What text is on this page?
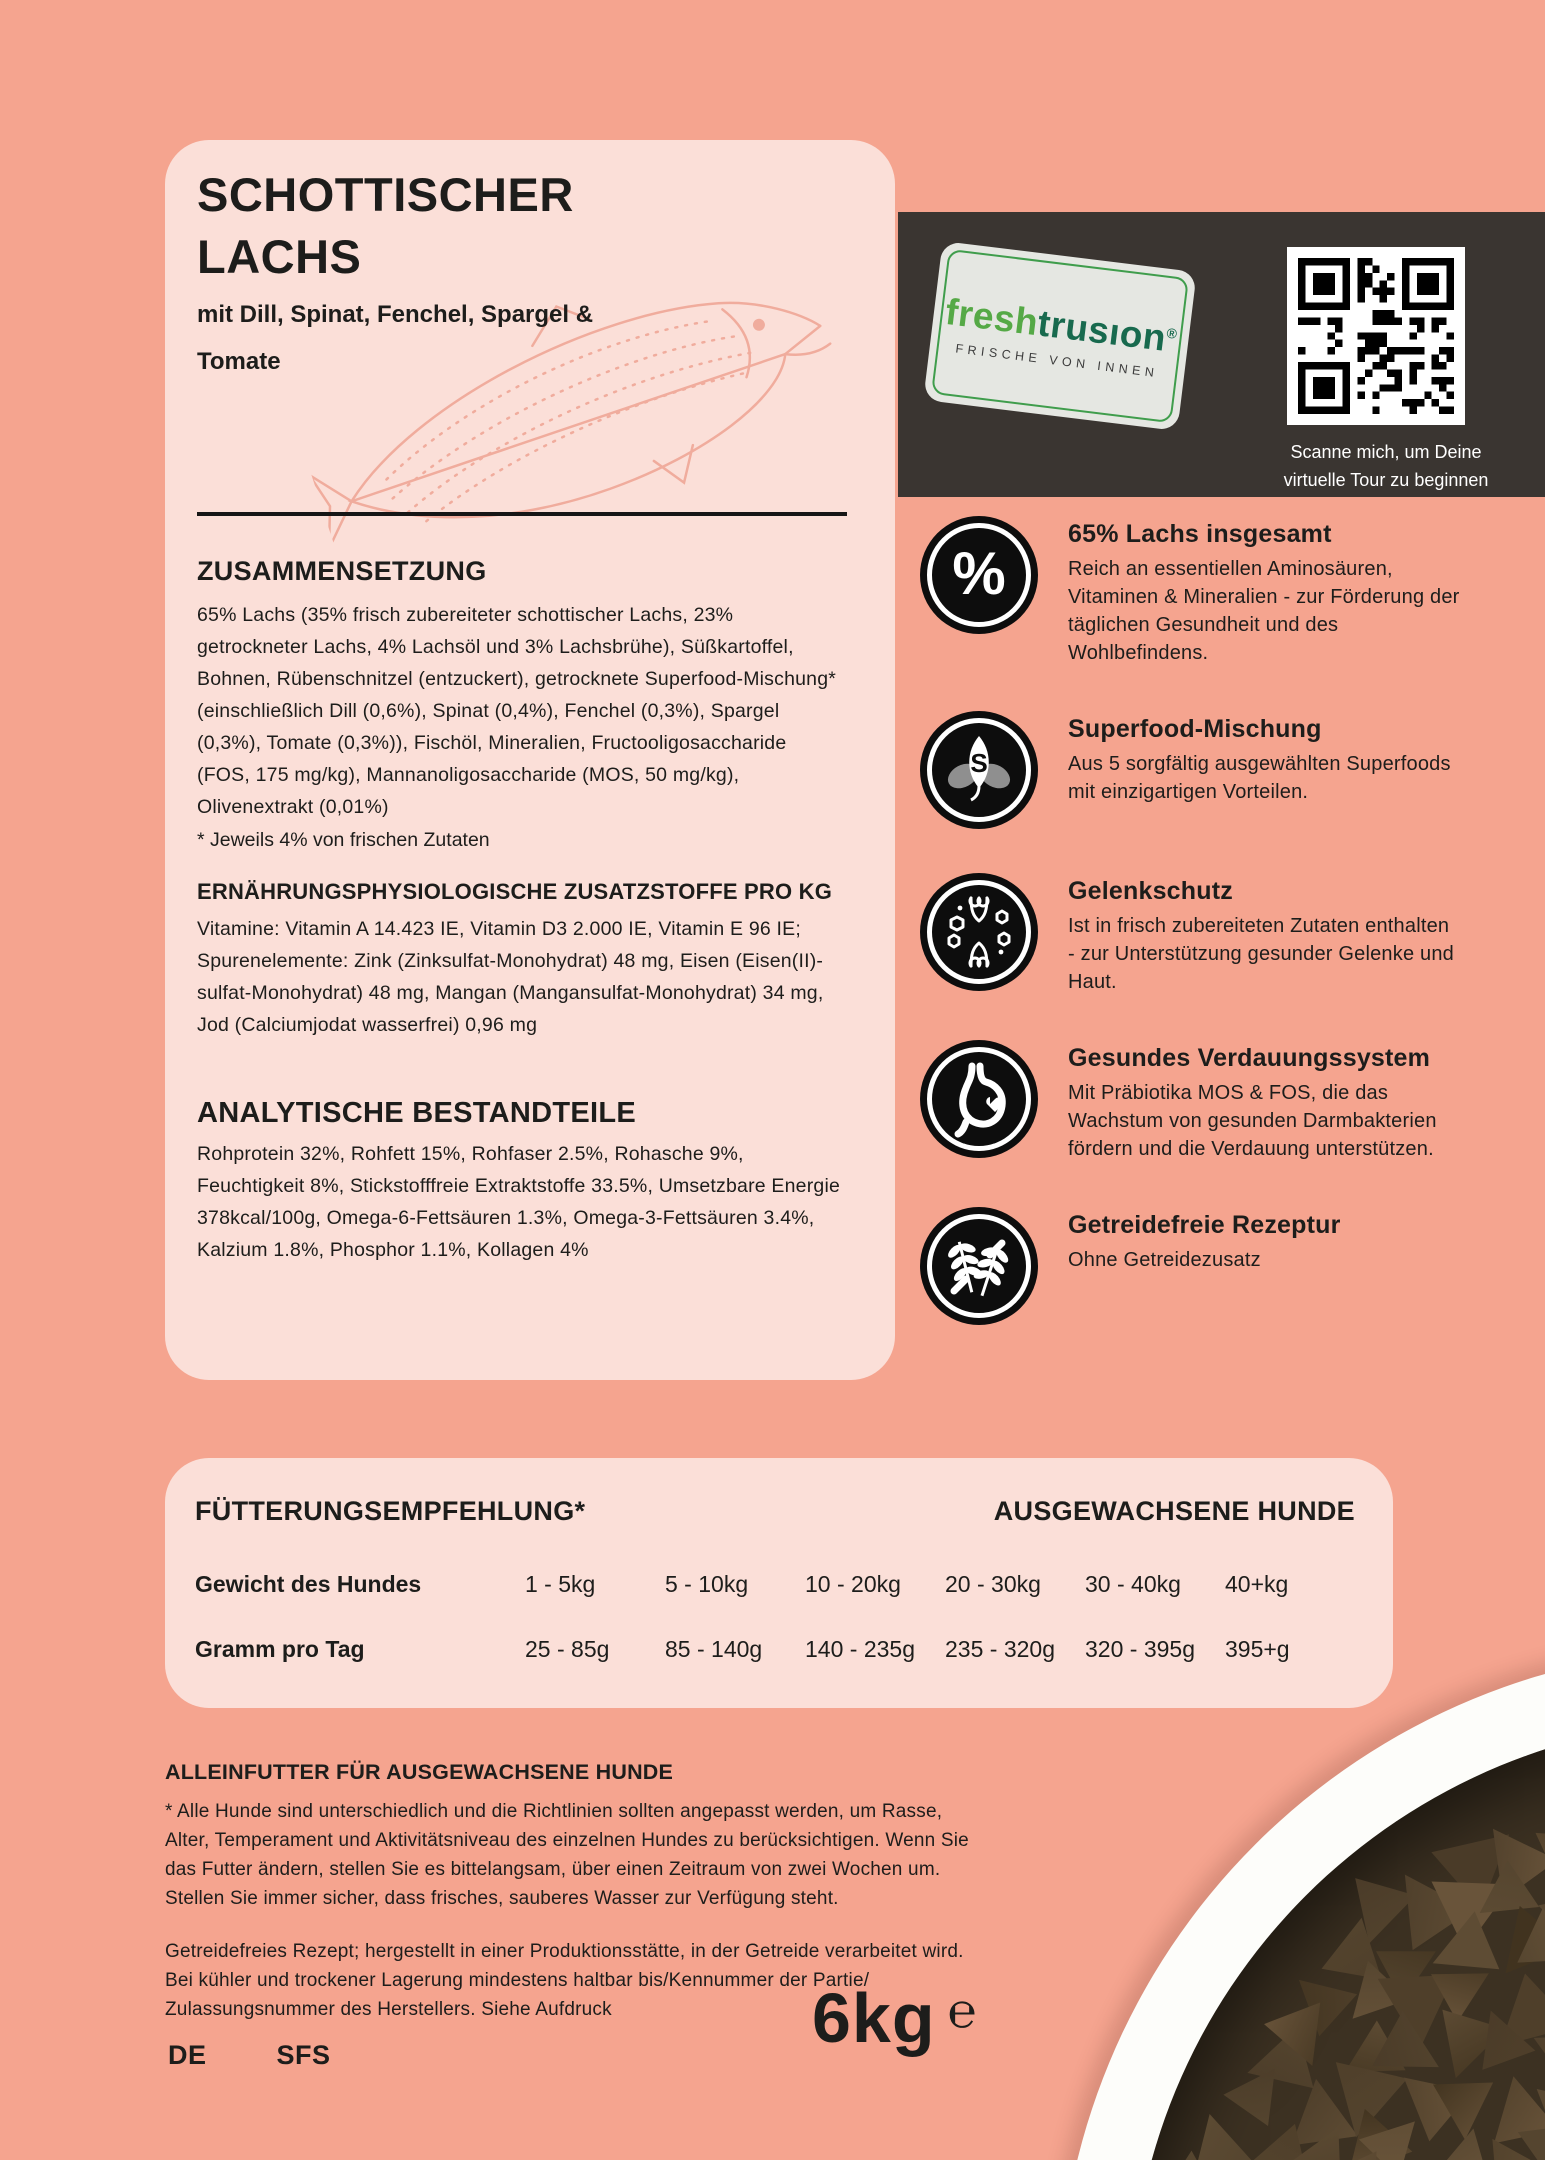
SCHOTTISCHER
LACHS
mit Dill, Spinat, Fenchel, Spargel & Tomate
ZUSAMMENSETZUNG

65% Lachs (35% frisch zubereiteter schottischer Lachs, 23% getrockneter Lachs, 4% Lachsöl und 3% Lachsbrühe), Süßkartoffel, Bohnen, Rübenschnitzel (entzuckert), getrocknete Superfood-Mischung* (einschließlich Dill (0,6%), Spinat (0,4%), Fenchel (0,3%), Spargel (0,3%), Tomate (0,3%)), Fischöl, Mineralien, Fructooligosaccharide (FOS, 175 mg/kg), Mannanoligosaccharide (MOS, 50 mg/kg), Olivenextrakt (0,01%)

* Jeweils 4% von frischen Zutaten

ERNÄHRUNGSPHYSIOLOGISCHE ZUSATZSTOFFE PRO KG

Vitamine: Vitamin A 14.423 IE, Vitamin D3 2.000 IE, Vitamin E 96 IE; Spurenelemente: Zink (Zinksulfat-Monohydrat) 48 mg, Eisen (Eisen(II)-sulfat-Monohydrat) 48 mg, Mangan (Mangansulfat-Monohydrat) 34 mg, Jod (Calciumjodat wasserfrei) 0,96 mg

ANALYTISCHE BESTANDTEILE

Rohprotein 32%, Rohfett 15%, Rohfaser 2.5%, Rohasche 9%, Feuchtigkeit 8%, Stickstofffreie Extraktstoffe 33.5%, Umsetzbare Energie 378kcal/100g, Omega-6-Fettsäuren 1.3%, Omega-3-Fettsäuren 3.4%, Kalzium 1.8%, Phosphor 1.1%, Kollagen 4%

freshtrusıon®
FRISCHE VON INNEN
Scanne mich, um Deine
virtuelle Tour zu beginnen
%
65% Lachs insgesamt
Reich an essentiellen Aminosäuren, Vitaminen & Mineralien - zur Förderung der täglichen Gesundheit und des Wohlbefindens.
S
Superfood-Mischung
Aus 5 sorgfältig ausgewählten Superfoods mit einzigartigen Vorteilen.
Gelenkschutz
Ist in frisch zubereiteten Zutaten enthalten - zur Unterstützung gesunder Gelenke und Haut.
Gesundes Verdauungssystem
Mit Präbiotika MOS & FOS, die das Wachstum von gesunden Darmbakterien fördern und die Verdauung unterstützen.
Getreidefreie Rezeptur
Ohne Getreidezusatz
FÜTTERUNGSEMPFEHLUNG*	AUSGEWACHSENE HUNDE
Gewicht des Hundes	1 - 5kg	5 - 10kg	10 - 20kg	20 - 30kg	30 - 40kg	40+kg
Gramm pro Tag	25 - 85g	85 - 140g	140 - 235g	235 - 320g	320 - 395g	395+g
ALLEINFUTTER FÜR AUSGEWACHSENE HUNDE

* Alle Hunde sind unterschiedlich und die Richtlinien sollten angepasst werden, um Rasse, Alter, Temperament und Aktivitätsniveau des einzelnen Hundes zu berücksichtigen. Wenn Sie das Futter ändern, stellen Sie es bittelangsam, über einen Zeitraum von zwei Wochen um. Stellen Sie immer sicher, dass frisches, sauberes Wasser zur Verfügung steht.

Getreidefreies Rezept; hergestellt in einer Produktionsstätte, in der Getreide verarbeitet wird. Bei kühler und trockener Lagerung mindestens haltbar bis/Kennummer der Partie/ Zulassungsnummer des Herstellers. Siehe Aufdruck	6kg ℮
DE	SFS
